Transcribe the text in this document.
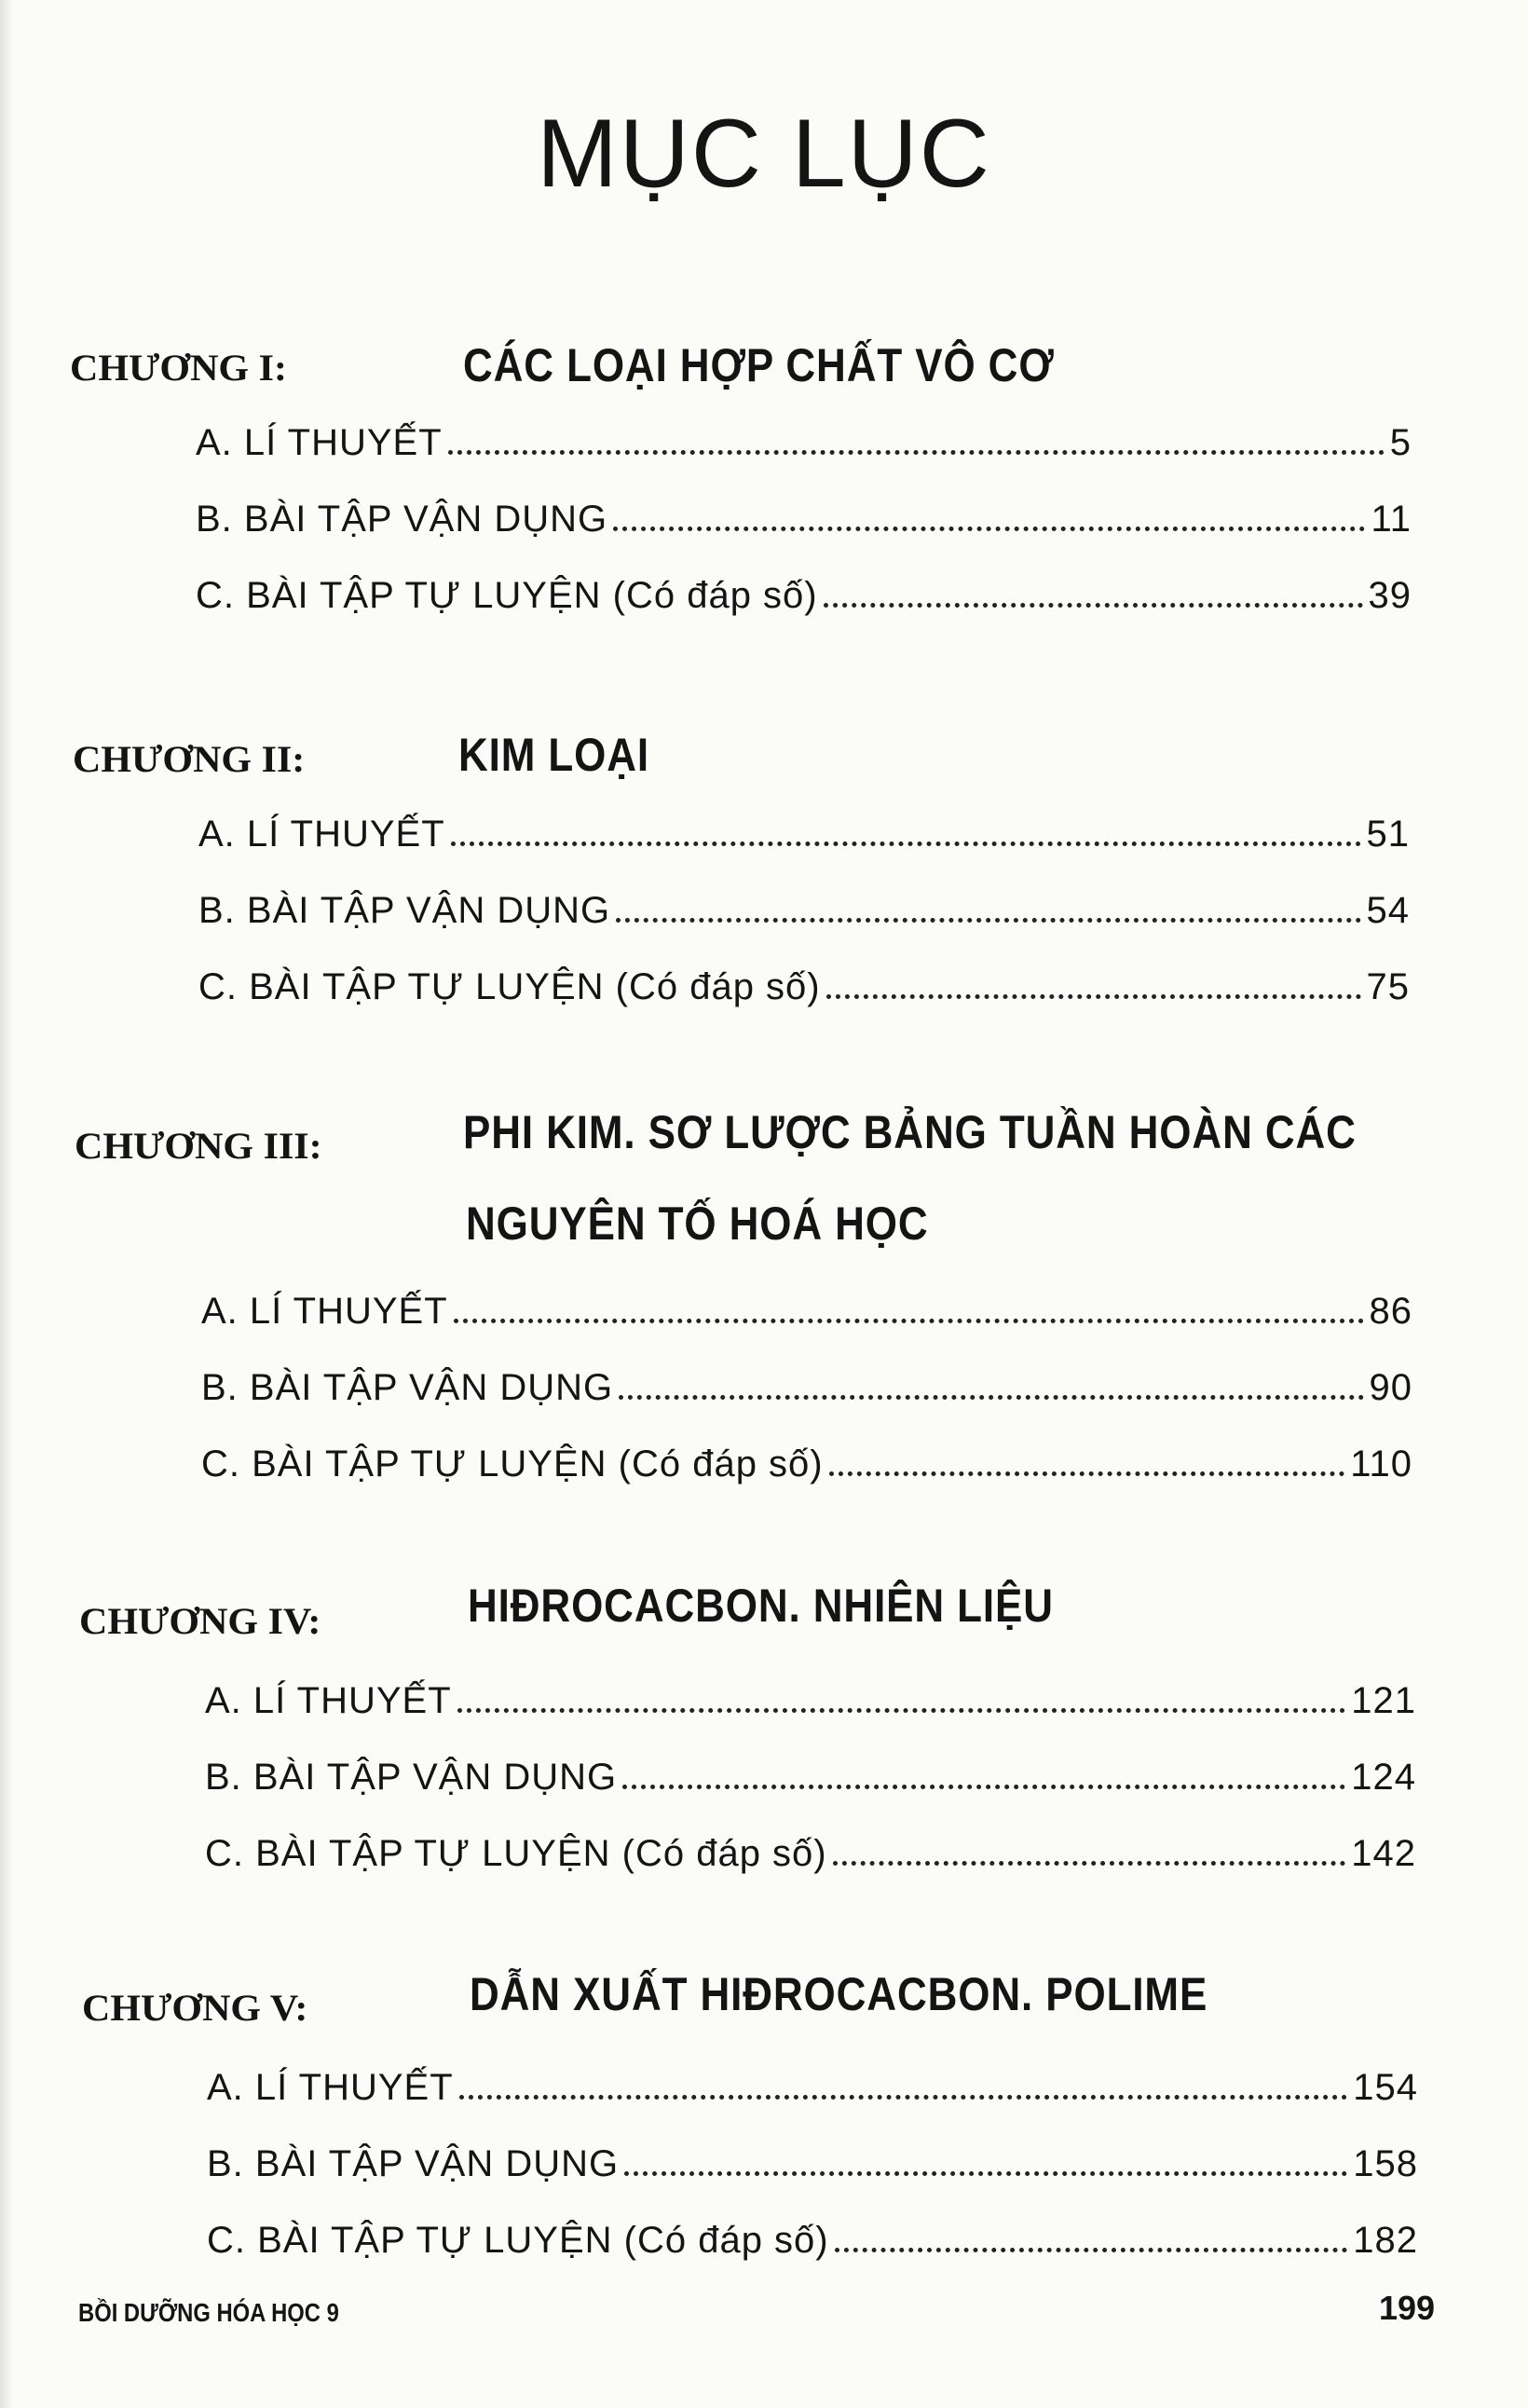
MỤC LỤC
CHƯƠNG I:	CÁC LOẠI HỢP CHẤT VÔ CƠ
A. LÍ THUYẾT	5
B. BÀI TẬP VẬN DỤNG	11
C. BÀI TẬP TỰ LUYỆN (Có đáp số)	39
CHƯƠNG II:	KIM LOẠI
A. LÍ THUYẾT	51
B. BÀI TẬP VẬN DỤNG	54
C. BÀI TẬP TỰ LUYỆN (Có đáp số)	75
CHƯƠNG III:	PHI KIM. SƠ LƯỢC BẢNG TUẦN HOÀN CÁC
NGUYÊN TỐ HOÁ HỌC
A. LÍ THUYẾT	86
B. BÀI TẬP VẬN DỤNG	90
C. BÀI TẬP TỰ LUYỆN (Có đáp số)	110
CHƯƠNG IV:	HIĐROCACBON. NHIÊN LIỆU
A. LÍ THUYẾT	121
B. BÀI TẬP VẬN DỤNG	124
C. BÀI TẬP TỰ LUYỆN (Có đáp số)	142
CHƯƠNG V:	DẪN XUẤT HIĐROCACBON. POLIME
A. LÍ THUYẾT	154
B. BÀI TẬP VẬN DỤNG	158
C. BÀI TẬP TỰ LUYỆN (Có đáp số)	182
BỒI DƯỠNG HÓA HỌC 9	199
